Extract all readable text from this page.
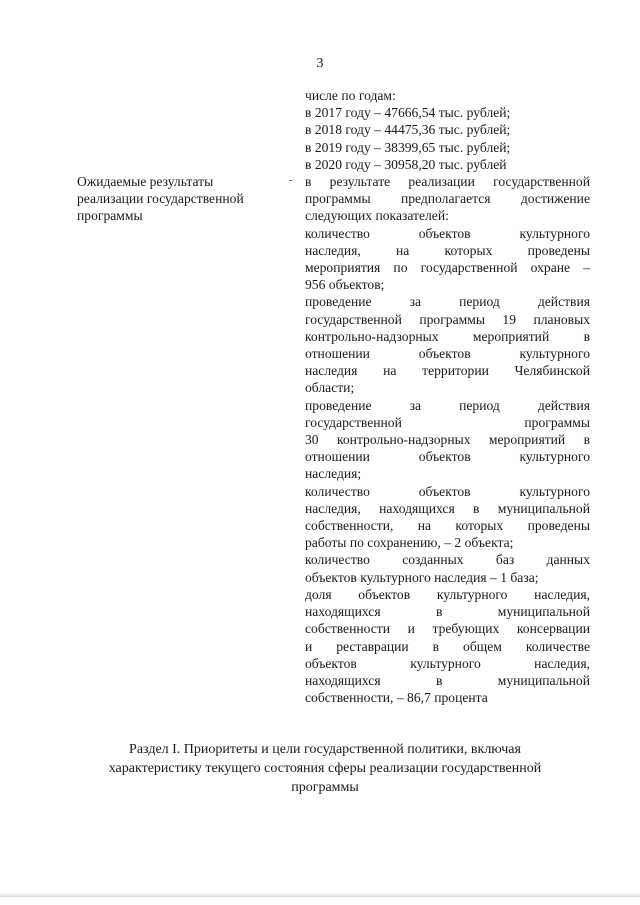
3
Ожидаемые результаты
реализации государственной
программы
-
числе по годам:
в 2017 году – 47666,54 тыс. рублей;
в 2018 году – 44475,36 тыс. рублей;
в 2019 году – 38399,65 тыс. рублей;
в 2020 году – 30958,20 тыс. рублей
в результате реализации государственной
программы предполагается достижение
следующих показателей:
количество объектов культурного
наследия, на которых проведены
мероприятия по государственной охране –
956 объектов;
проведение за период действия
государственной программы 19 плановых
контрольно-надзорных мероприятий в
отношении объектов культурного
наследия на территории Челябинской
области;
проведение за период действия
государственной программы
30 контрольно-надзорных мероприятий в
отношении объектов культурного
наследия;
количество объектов культурного
наследия, находящихся в муниципальной
собственности, на которых проведены
работы по сохранению, – 2 объекта;
количество созданных баз данных
объектов культурного наследия – 1 база;
доля объектов культурного наследия,
находящихся в муниципальной
собственности и требующих консервации
и реставрации в общем количестве
объектов культурного наследия,
находящихся в муниципальной
собственности, – 86,7 процента
Раздел I. Приоритеты и цели государственной политики, включая
характеристику текущего состояния сферы реализации государственной
программы
